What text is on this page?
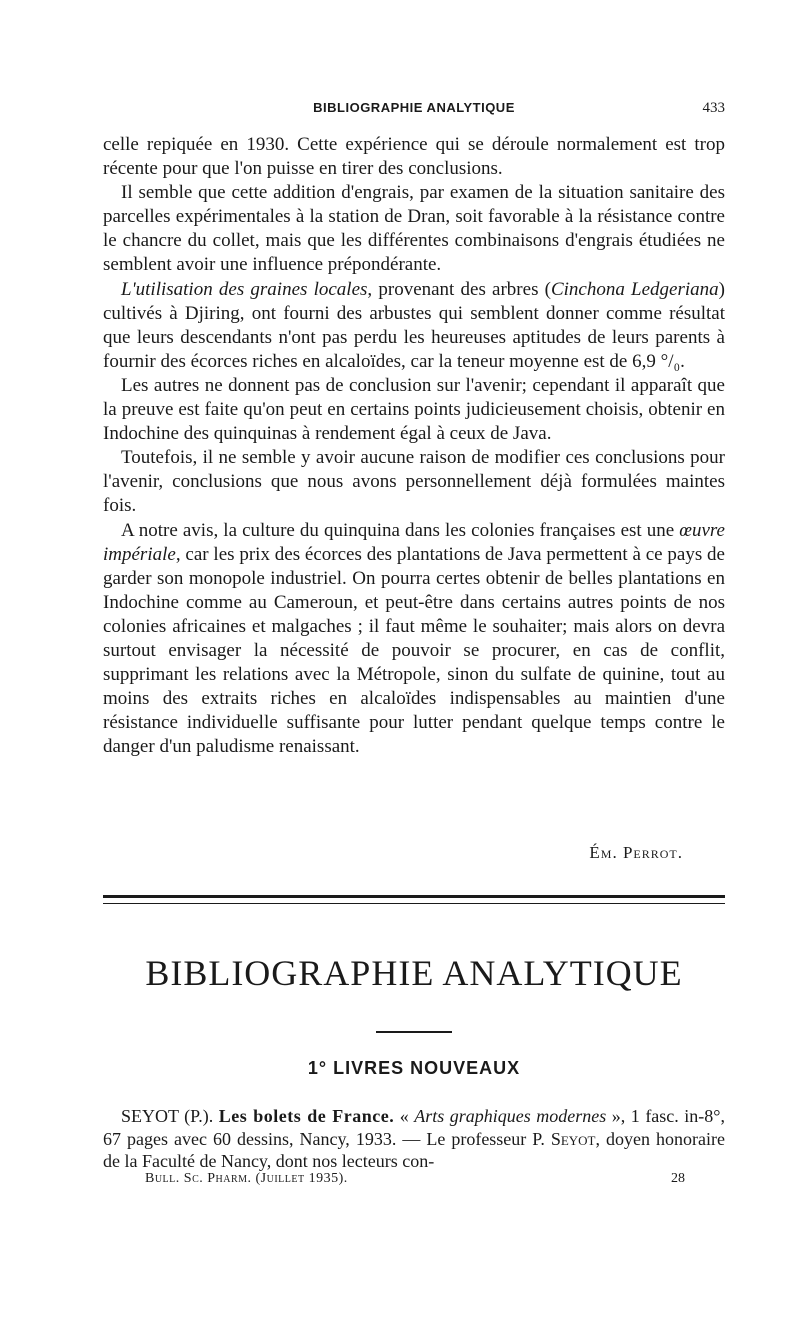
BIBLIOGRAPHIE ANALYTIQUE	433

celle repiquée en 1930. Cette expérience qui se déroule normalement est trop récente pour que l'on puisse en tirer des conclusions.

Il semble que cette addition d'engrais, par examen de la situation sanitaire des parcelles expérimentales à la station de Dran, soit favorable à la résistance contre le chancre du collet, mais que les différentes combinaisons d'engrais étudiées ne semblent avoir une influence prépondérante.

L'utilisation des graines locales, provenant des arbres (Cinchona Ledgeriana) cultivés à Djiring, ont fourni des arbustes qui semblent donner comme résultat que leurs descendants n'ont pas perdu les heureuses aptitudes de leurs parents à fournir des écorces riches en alcaloïdes, car la teneur moyenne est de 6,9 °/₀.

Les autres ne donnent pas de conclusion sur l'avenir; cependant il apparaît que la preuve est faite qu'on peut en certains points judicieusement choisis, obtenir en Indochine des quinquinas à rendement égal à ceux de Java.

Toutefois, il ne semble y avoir aucune raison de modifier ces conclusions pour l'avenir, conclusions que nous avons personnellement déjà formulées maintes fois.

A notre avis, la culture du quinquina dans les colonies françaises est une œuvre impériale, car les prix des écorces des plantations de Java permettent à ce pays de garder son monopole industriel. On pourra certes obtenir de belles plantations en Indochine comme au Cameroun, et peut-être dans certains autres points de nos colonies africaines et malgaches ; il faut même le souhaiter; mais alors on devra surtout envisager la nécessité de pouvoir se procurer, en cas de conflit, supprimant les relations avec la Métropole, sinon du sulfate de quinine, tout au moins des extraits riches en alcaloïdes indispensables au maintien d'une résistance individuelle suffisante pour lutter pendant quelque temps contre le danger d'un paludisme renaissant.

Ém. Perrot.
BIBLIOGRAPHIE ANALYTIQUE
1° LIVRES NOUVEAUX

SEYOT (P.). Les bolets de France. « Arts graphiques modernes », 1 fasc. in-8°, 67 pages avec 60 dessins, Nancy, 1933. — Le professeur P. Seyot, doyen honoraire de la Faculté de Nancy, dont nos lecteurs con-

Bull. Sc. Pharm. (Juillet 1935).	28
